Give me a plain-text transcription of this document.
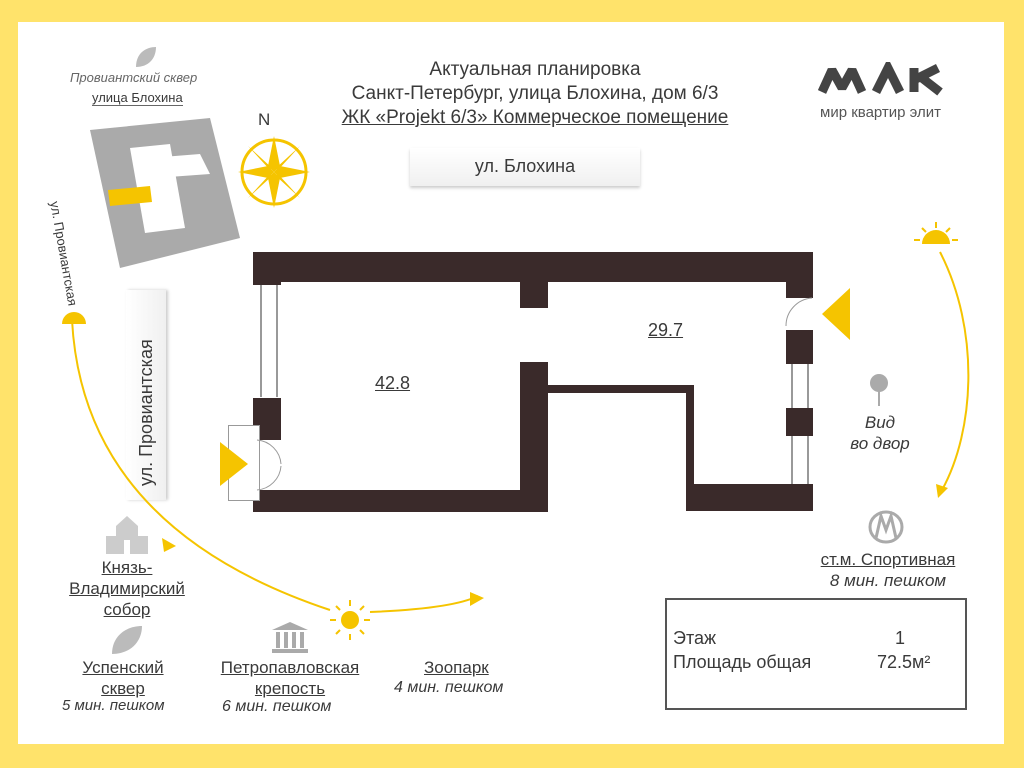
Актуальная планировка
Санкт-Петербург, улица Блохина, дом 6/3
ЖК «Projekt 6/3» Коммерческое помещение	мир квартир элит
Провиантский сквер
улица Блохина
ул. Провиантская
N
ул. Блохина
ул. Провиантская	42.8
29.7
Вид
во двор
ст.м. Спортивная
8 мин. пешком
Князь-
Владимирский
собор
Успенский
сквер
5 мин. пешком
Петропавловская
крепость
6 мин. пешком
Зоопарк
4 мин. пешком
Этаж	1
Площадь общая	72.5м²
